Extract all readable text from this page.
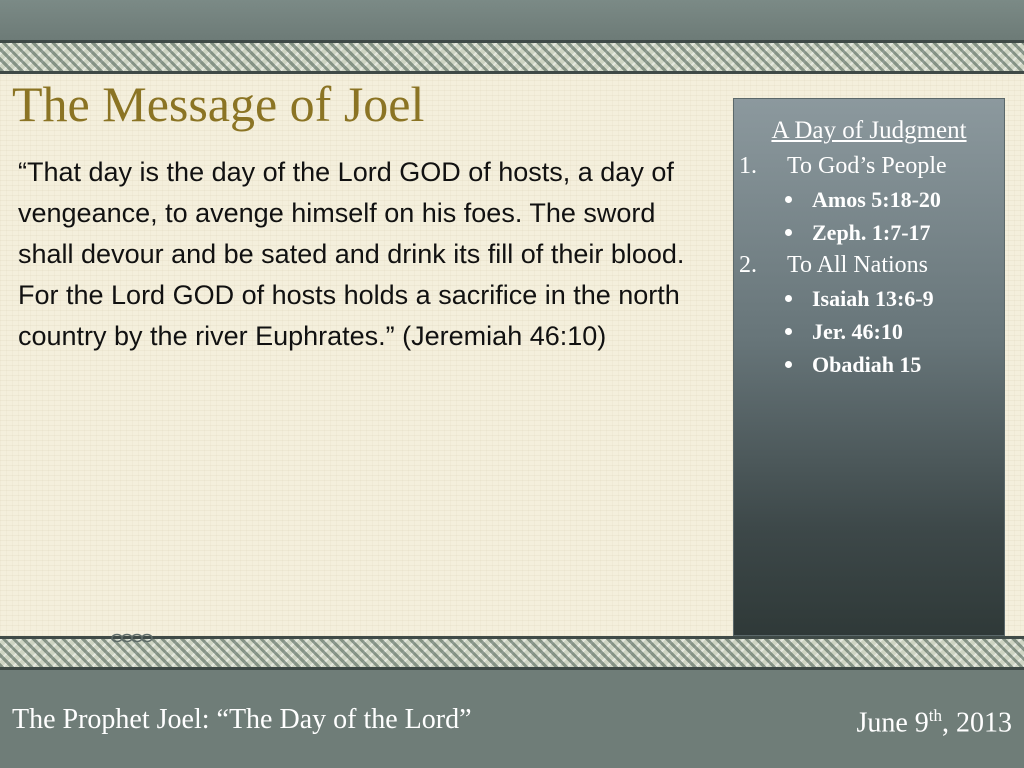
The Message of Joel

“That day is the day of the Lord GOD of hosts, a day of vengeance, to avenge himself on his foes. The sword shall devour and be sated and drink its fill of their blood. For the Lord GOD of hosts holds a sacrifice in the north country by the river Euphrates.” (Jeremiah 46:10)

A Day of Judgment
1. To God’s People
Amos 5:18-20
Zeph. 1:7-17
2. To All Nations
Isaiah 13:6-9
Jer. 46:10
Obadiah 15
The Prophet Joel: “The Day of the Lord”	June 9th, 2013
